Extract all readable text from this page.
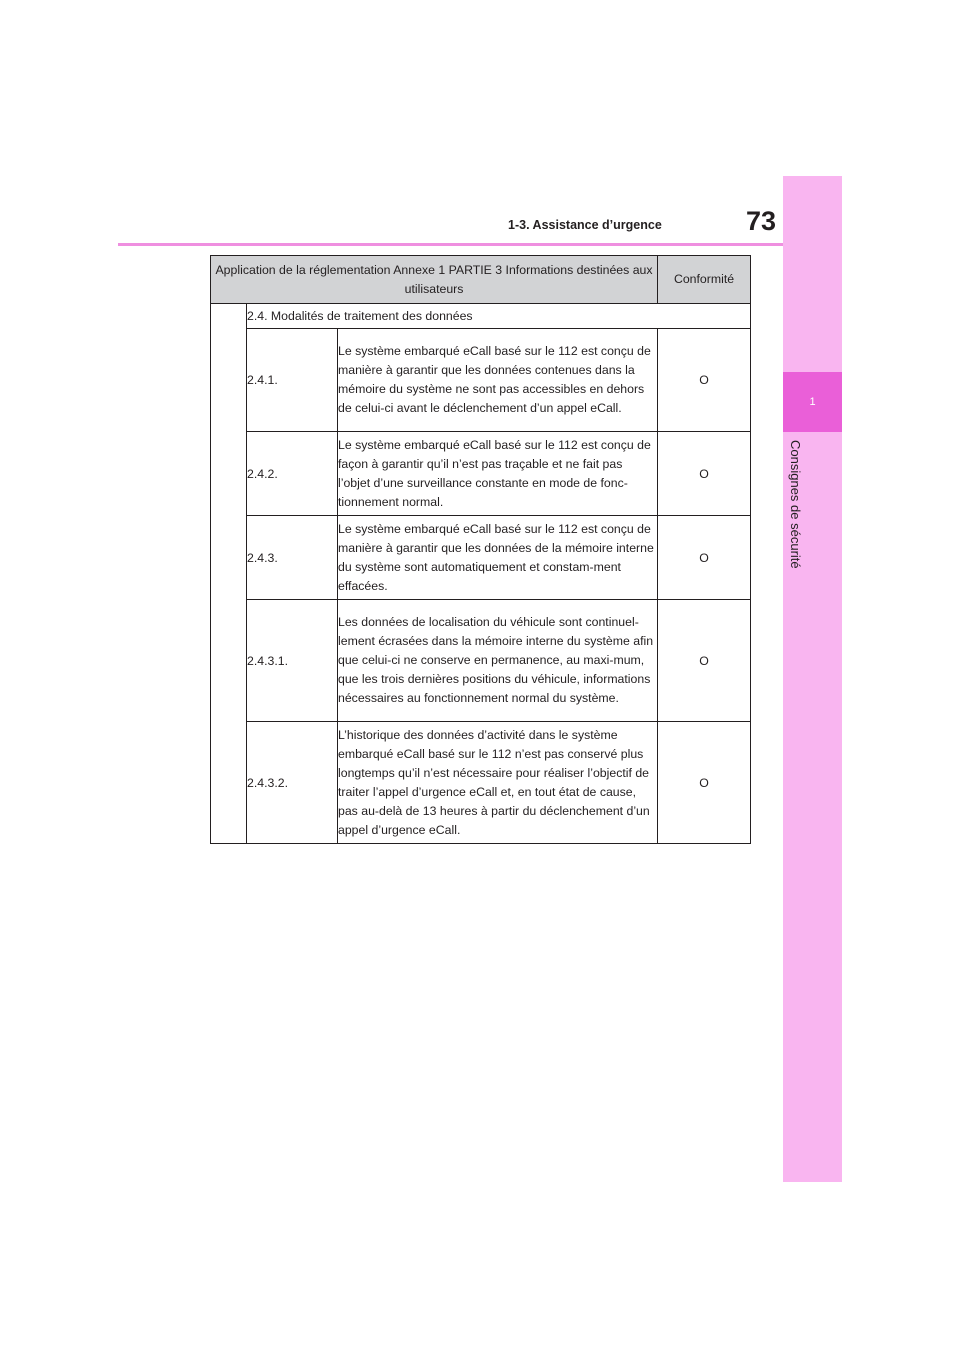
1
Consignes de sécurité
1-3. Assistance d’urgence	73
Application de la réglementation Annexe 1 PARTIE 3 Informations destinées aux utilisateurs			Conformité
	2.4. Modalités de traitement des données		
	2.4.1.	Le système embarqué eCall basé sur le 112 est conçu de manière à garantir que les données contenues dans la mémoire du système ne sont pas accessibles en dehors de celui-ci avant le déclenchement d’un appel eCall.	O
	2.4.2.	Le système embarqué eCall basé sur le 112 est conçu de façon à garantir qu’il n’est pas traçable et ne fait pas l’objet d’une surveillance constante en mode de fonc-tionnement normal.	O
	2.4.3.	Le système embarqué eCall basé sur le 112 est conçu de manière à garantir que les données de la mémoire interne du système sont automatiquement et constam-ment effacées.	O
	2.4.3.1.	Les données de localisation du véhicule sont continuel-lement écrasées dans la mémoire interne du système afin que celui-ci ne conserve en permanence, au maxi-mum, que les trois dernières positions du véhicule, informations nécessaires au fonctionnement normal du système.	O
	2.4.3.2.	L’historique des données d’activité dans le système embarqué eCall basé sur le 112 n’est pas conservé plus longtemps qu’il n’est nécessaire pour réaliser l’objectif de traiter l’appel d’urgence eCall et, en tout état de cause, pas au-delà de 13 heures à partir du déclenchement d’un appel d’urgence eCall.	O
